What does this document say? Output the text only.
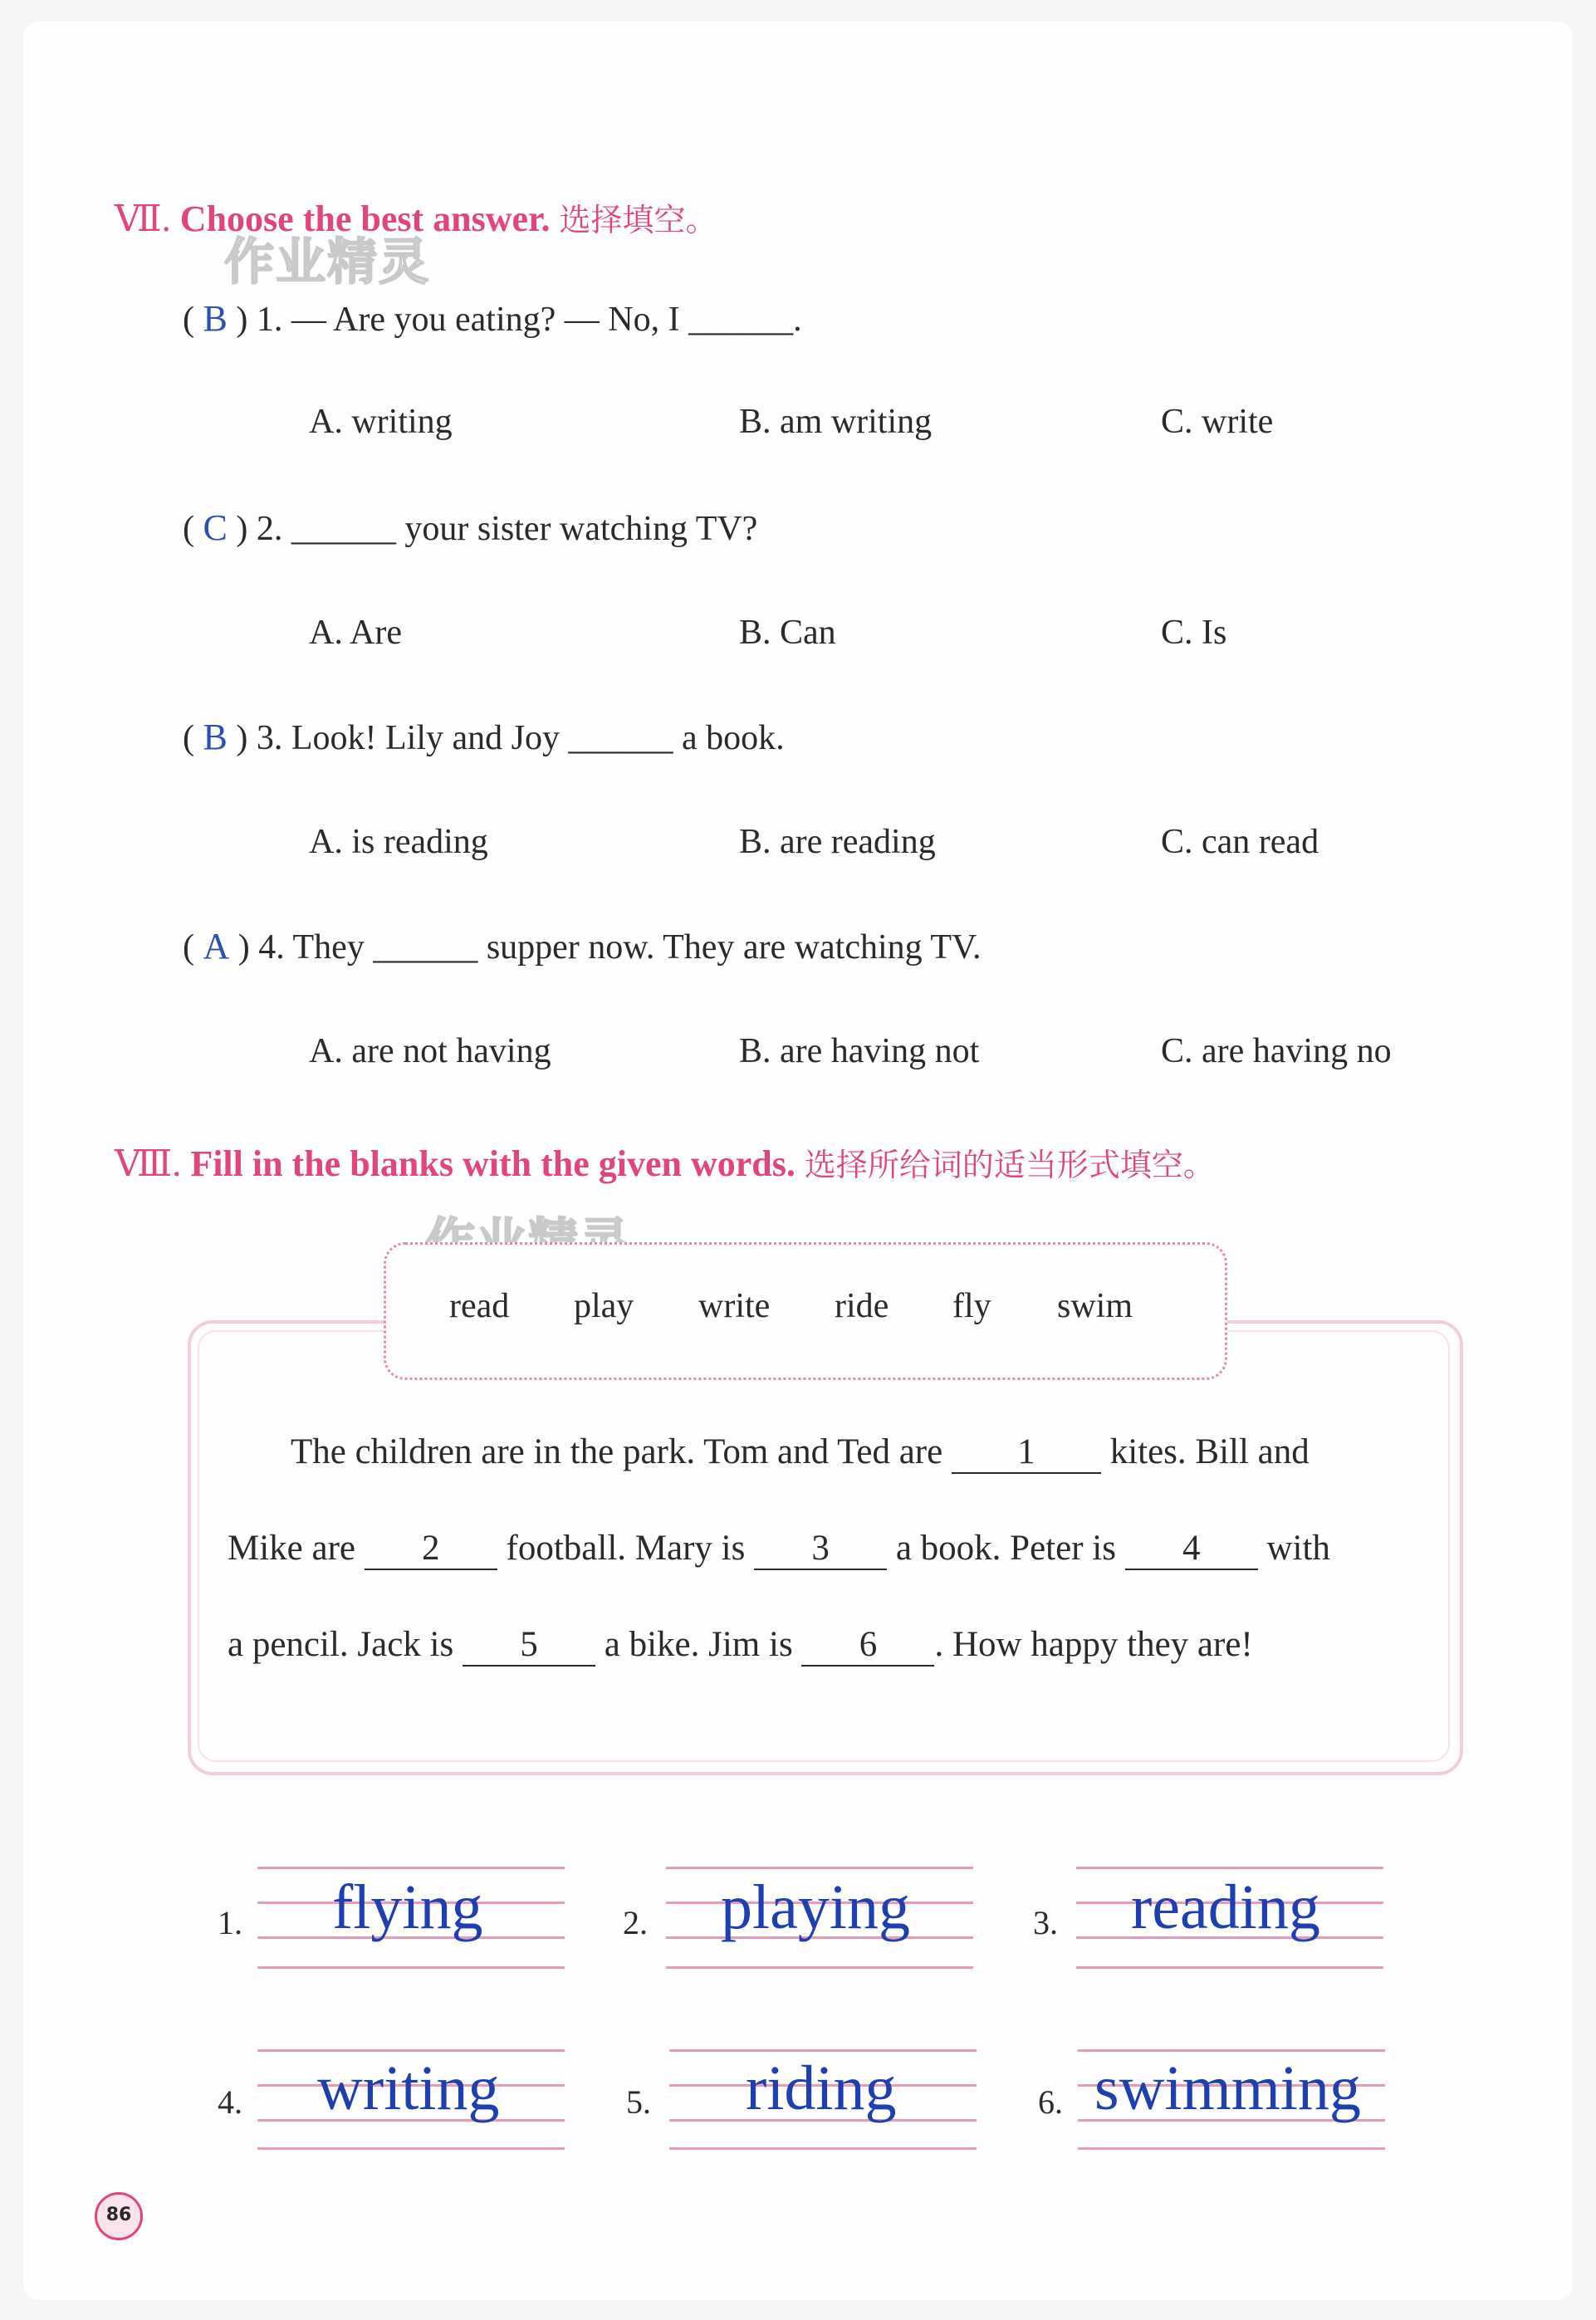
作业精灵
Ⅶ. Choose the best answer. 选择填空。
( B ) 1. — Are you eating? — No, I ______.
A. writing	B. am writing	C. write
( C ) 2. ______ your sister watching TV?
A. Are	B. Can	C. Is
( B ) 3. Look! Lily and Joy ______ a book.
A. is reading	B. are reading	C. can read
( A ) 4. They ______ supper now. They are watching TV.
A. are not having	B. are having not	C. are having no
Ⅷ. Fill in the blanks with the given words. 选择所给词的适当形式填空。
read play write ride fly swim
The children are in the park. Tom and Ted are 1 kites. Bill and
Mike are 2 football. Mary is 3 a book. Peter is 4 with
a pencil. Jack is 5 a bike. Jim is 6 . How happy they are!
1. flying	2. playing	3. reading
4. writing	5. riding	6. swimming
86
